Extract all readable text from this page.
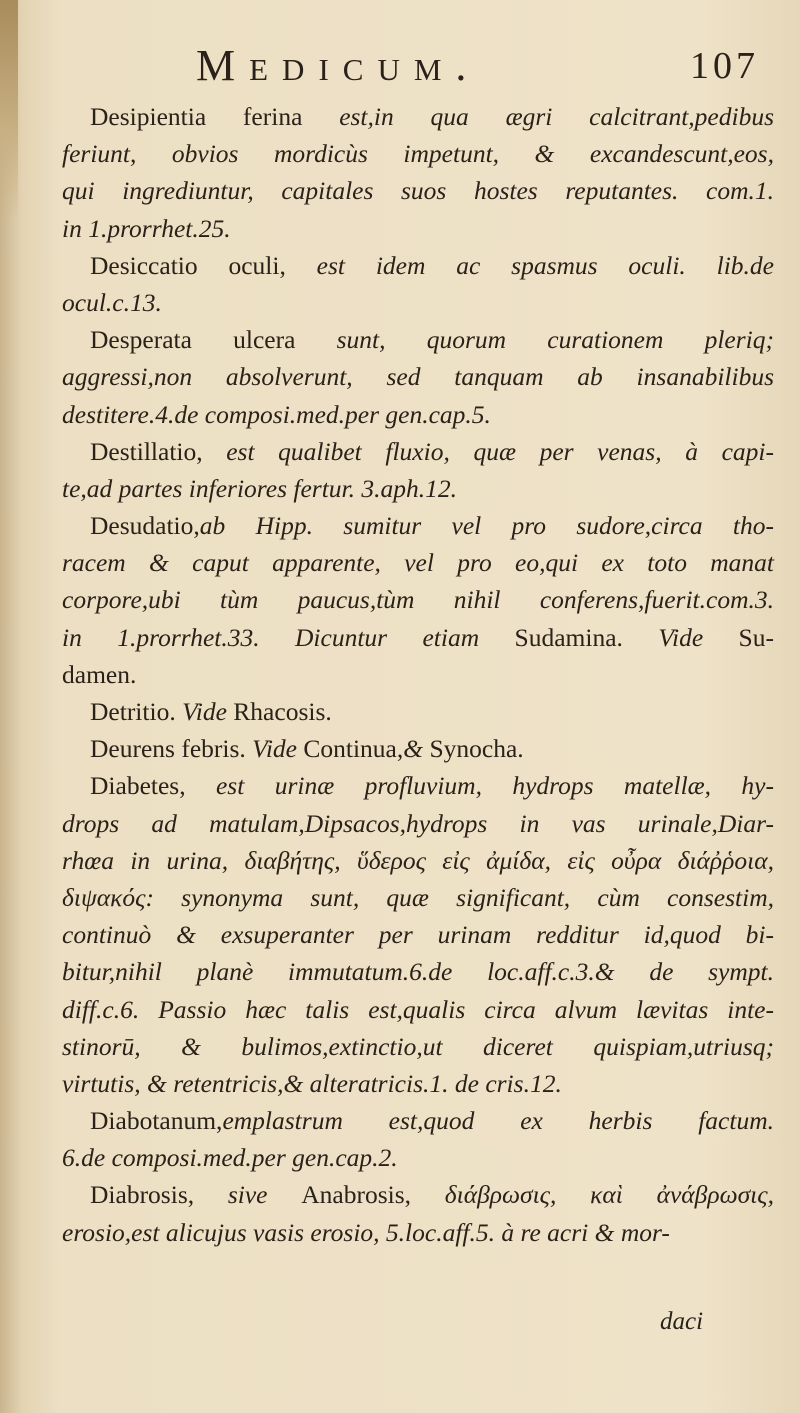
Medicum.	107
Desipientia ferina est,in qua ægri calcitrant,pedibus
feriunt, obvios mordicùs impetunt, & excandescunt,eos,
qui ingrediuntur, capitales suos hostes reputantes. com.1.
in 1.prorrhet.25.
Desiccatio oculi, est idem ac spasmus oculi. lib.de
ocul.c.13.
Desperata ulcera sunt, quorum curationem pleriq;
aggressi,non absolverunt, sed tanquam ab insanabilibus
destitere.4.de composi.med.per gen.cap.5.
Destillatio, est qualibet fluxio, quæ per venas, à capi-
te,ad partes inferiores fertur. 3.aph.12.
Desudatio,ab Hipp. sumitur vel pro sudore,circa tho-
racem & caput apparente, vel pro eo,qui ex toto manat
corpore,ubi tùm paucus,tùm nihil conferens,fuerit.com.3.
in 1.prorrhet.33. Dicuntur etiam Sudamina. Vide Su-
damen.
Detritio. Vide Rhacosis.
Deurens febris. Vide Continua,& Synocha.
Diabetes, est urinæ profluvium, hydrops matellæ, hy-
drops ad matulam,Dipsacos,hydrops in vas urinale,Diar-
rhœa in urina, διαβήτης, ὕδερος εἰς ἀμίδα, εἰς οὖρα διάῤῥοια,
διψακός: synonyma sunt, quæ significant, cùm consestim,
continuò & exsuperanter per urinam redditur id,quod bi-
bitur,nihil planè immutatum.6.de loc.aff.c.3.& de sympt.
diff.c.6. Passio hæc talis est,qualis circa alvum lævitas inte-
stinorū, & bulimos,extinctio,ut diceret quispiam,utriusq;
virtutis, & retentricis,& alteratricis.1. de cris.12.
Diabotanum,emplastrum est,quod ex herbis factum.
6.de composi.med.per gen.cap.2.
Diabrosis, sive Anabrosis, διάβρωσις, καὶ ἀνάβρωσις,
erosio,est alicujus vasis erosio, 5.loc.aff.5. à re acri & mor-
daci
